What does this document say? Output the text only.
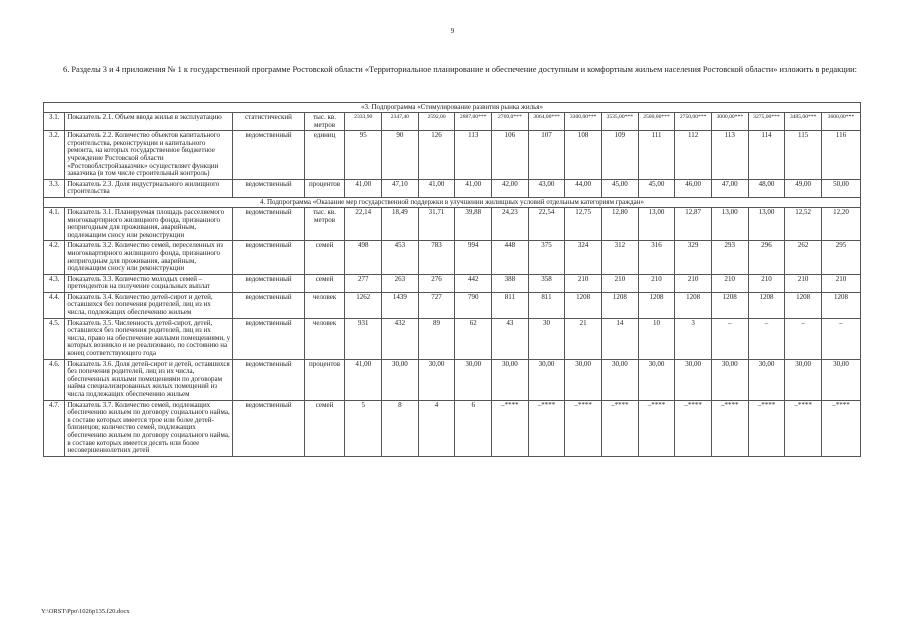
9
6. Разделы 3 и 4 приложения № 1 к государственной программе Ростовской области «Территориальное планирование и обеспечение доступным и комфортным жильем населения Ростовской области» изложить в редакции:
«3. Подпрограмма «Стимулирование развития рынка жилья»																	
3.1.	Показатель 2.1. Объем ввода жилья в эксплуатацию	статистический	тыс. кв. метров	2333,90	2347,40	2592,00	2887,00***	2769,0***	3064,00***	3300,00***	3535,00***	2500,00***	2750,00***	3000,00***	3275,00***	3485,00***	3600,00***
3.2.	Показатель 2.2. Количество объектов капитального строительства, реконструкции и капитального ремонта, на которых государственное бюджетное учреждение Ростовской области «Ростовоблстройзаказчик» осуществляет функции заказчика (в том числе строительный контроль)	ведомственный	единиц	95	90	126	113	106	107	108	109	111	112	113	114	115	116
3.3.	Показатель 2.3. Доля индустриального жилищного строительства	ведомственный	процентов	41,00	47,10	41,00	41,00	42,00	43,00	44,00	45,00	45,00	46,00	47,00	48,00	49,00	50,00
4. Подпрограмма «Оказание мер государственной поддержки в улучшении жилищных условий отдельным категориям граждан»																	
4.1.	Показатель 3.1. Планируемая площадь расселяемого многоквартирного жилищного фонда, признанного непригодным для проживания, аварийным, подлежащим сносу или реконструкции	ведомственный	тыс. кв. метров	22,14	18,49	31,71	39,88	24,23	22,54	12,75	12,80	13,00	12,87	13,00	13,00	12,52	12,20
4.2.	Показатель 3.2. Количество семей, переселенных из многоквартирного жилищного фонда, признанного непригодным для проживания, аварийным, подлежащим сносу или реконструкции	ведомственный	семей	498	453	783	994	448	375	324	312	316	329	293	296	262	295
4.3.	Показатель 3.3. Количество молодых семей – претендентов на получение социальных выплат	ведомственный	семей	277	263	276	442	388	358	210	210	210	210	210	210	210	210
4.4.	Показатель 3.4. Количество детей-сирот и детей, оставшихся без попечения родителей, лиц из их числа, подлежащих обеспечению жильем	ведомственный	человек	1262	1439	727	790	811	811	1208	1208	1208	1208	1208	1208	1208	1208
4.5.	Показатель 3.5. Численность детей-сирот, детей, оставшихся без попечения родителей, лиц из их числа, право на обеспечение жилыми помещениями, у которых возникло и не реализовано, по состоянию на конец соответствующего года	ведомственный	человек	931	432	89	62	43	30	21	14	10	3	–	–	–	–
4.6.	Показатель 3.6. Доля детей-сирот и детей, оставшихся без попечения родителей, лиц из их числа, обеспеченных жилыми помещениями по договорам найма специализированных жилых помещений из числа подлежащих обеспечению жильем	ведомственный	процентов	41,00	30,00	30,00	30,00	30,00	30,00	30,00	30,00	30,00	30,00	30,00	30,00	30,00	30,00
4.7.	Показатель 3.7. Количество семей, подлежащих обеспечению жильем по договору социального найма, в составе которых имеется трое или более детей-близнецов; количество семей, подлежащих обеспечению жильем по договору социального найма, в составе которых имеется десять или более несовершеннолетних детей	ведомственный	семей	5	8	4	6	–****	–****	–****	–****	–****	–****	–****	–****	–****	–****
Y:\ORST\Ppo\1026p135.f20.docx
